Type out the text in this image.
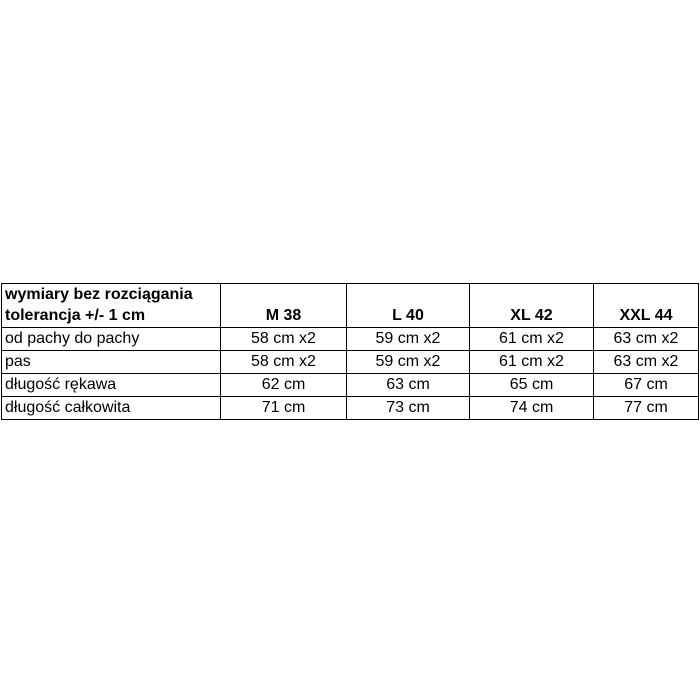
wymiary bez rozciągania
tolerancja +/- 1 cm	M 38	L 40	XL 42	XXL 44
od pachy do pachy	58 cm x2	59 cm x2	61 cm x2	63 cm x2
pas	58 cm x2	59 cm x2	61 cm x2	63 cm x2
długość rękawa	62 cm	63 cm	65 cm	67 cm
długość całkowita	71 cm	73 cm	74 cm	77 cm
